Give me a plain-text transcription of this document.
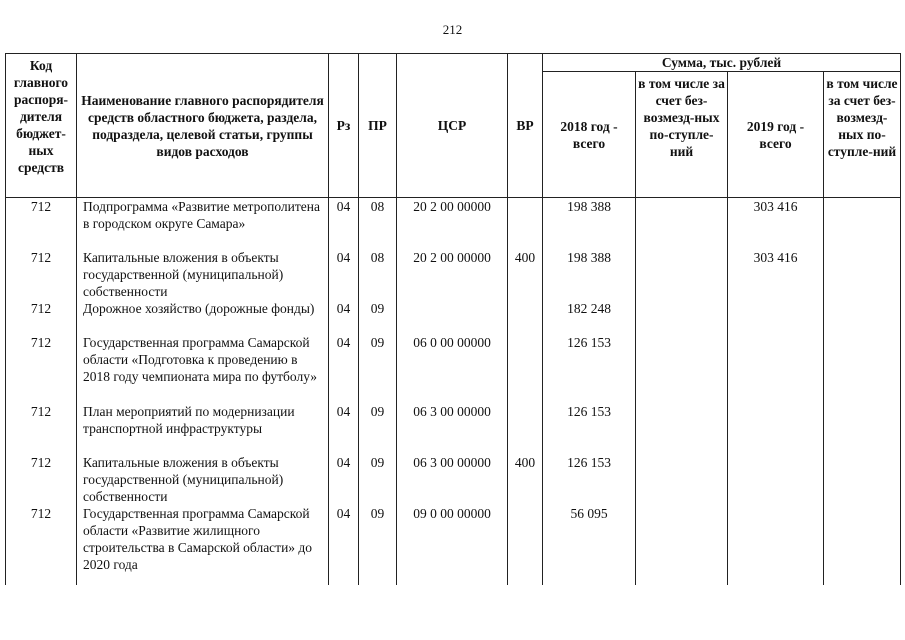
212
Код главного распоря-дителя бюджет-ных средств	Наименование главного распорядителя средств областного бюджета, раздела, подраздела, целевой статьи, группы видов расходов	Рз	ПР	ЦСР	ВР	Сумма, тыс. рублей			
						2018 год - всего	в том числе за счет без-возмезд-ных по-ступле-ний	2019 год - всего	в том числе за счет без-возмезд-ных по-ступле-ний
712	Подпрограмма «Развитие метрополитена в городском округе Самара»	04	08	20 2 00 00000		198 388		303 416	
712	Капитальные вложения в объекты государственной (муниципальной) собственности	04	08	20 2 00 00000	400	198 388		303 416	
712	Дорожное хозяйство (дорожные фонды)	04	09			182 248			
712	Государственная программа Самарской области «Подготовка к проведению в 2018 году чемпионата мира по футболу»	04	09	06 0 00 00000		126 153			
712	План мероприятий по модернизации транспортной инфраструктуры	04	09	06 3 00 00000		126 153			
712	Капитальные вложения в объекты государственной (муниципальной) собственности	04	09	06 3 00 00000	400	126 153			
712	Государственная программа Самарской области «Развитие жилищного строительства в Самарской области» до 2020 года	04	09	09 0 00 00000		56 095			
